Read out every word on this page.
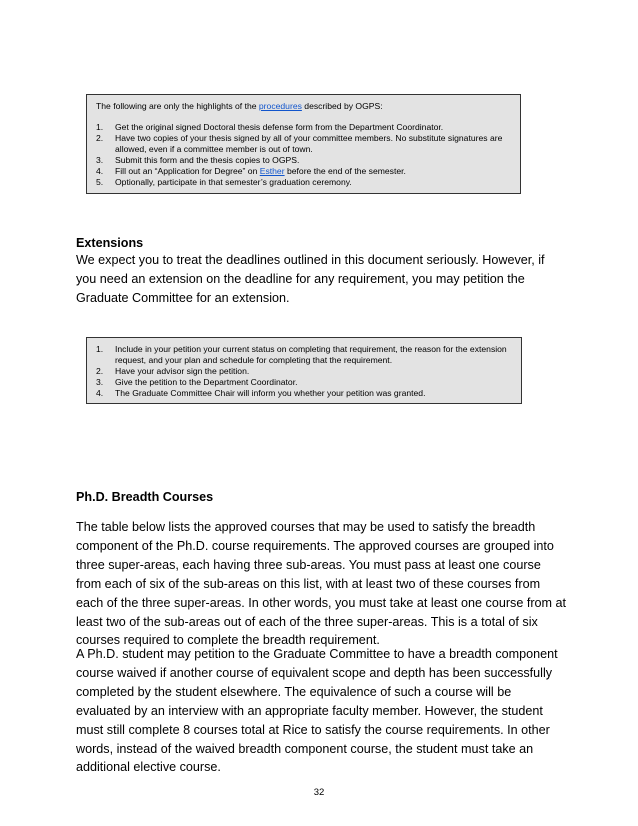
The following are only the highlights of the procedures described by OGPS:

1.	Get the original signed Doctoral thesis defense form from the Department Coordinator.
2.	Have two copies of your thesis signed by all of your committee members. No substitute signatures are allowed, even if a committee member is out of town.
3.	Submit this form and the thesis copies to OGPS.
4.	Fill out an “Application for Degree” on Esther before the end of the semester.
5.	Optionally, participate in that semester’s graduation ceremony.
Extensions

We expect you to treat the deadlines outlined in this document seriously. However, if you need an extension on the deadline for any requirement, you may petition the Graduate Committee for an extension.

1.	Include in your petition your current status on completing that requirement, the reason for the extension request, and your plan and schedule for completing that the requirement.
2.	Have your advisor sign the petition.
3.	Give the petition to the Department Coordinator.
4.	The Graduate Committee Chair will inform you whether your petition was granted.
Ph.D. Breadth Courses

The table below lists the approved courses that may be used to satisfy the breadth component of the Ph.D. course requirements. The approved courses are grouped into three super-areas, each having three sub-areas. You must pass at least one course from each of six of the sub-areas on this list, with at least two of these courses from each of the three super-areas. In other words, you must take at least one course from at least two of the sub-areas out of each of the three super-areas. This is a total of six courses required to complete the breadth requirement.

A Ph.D. student may petition to the Graduate Committee to have a breadth component course waived if another course of equivalent scope and depth has been successfully completed by the student elsewhere. The equivalence of such a course will be evaluated by an interview with an appropriate faculty member. However, the student must still complete 8 courses total at Rice to satisfy the course requirements. In other words, instead of the waived breadth component course, the student must take an additional elective course.

32
